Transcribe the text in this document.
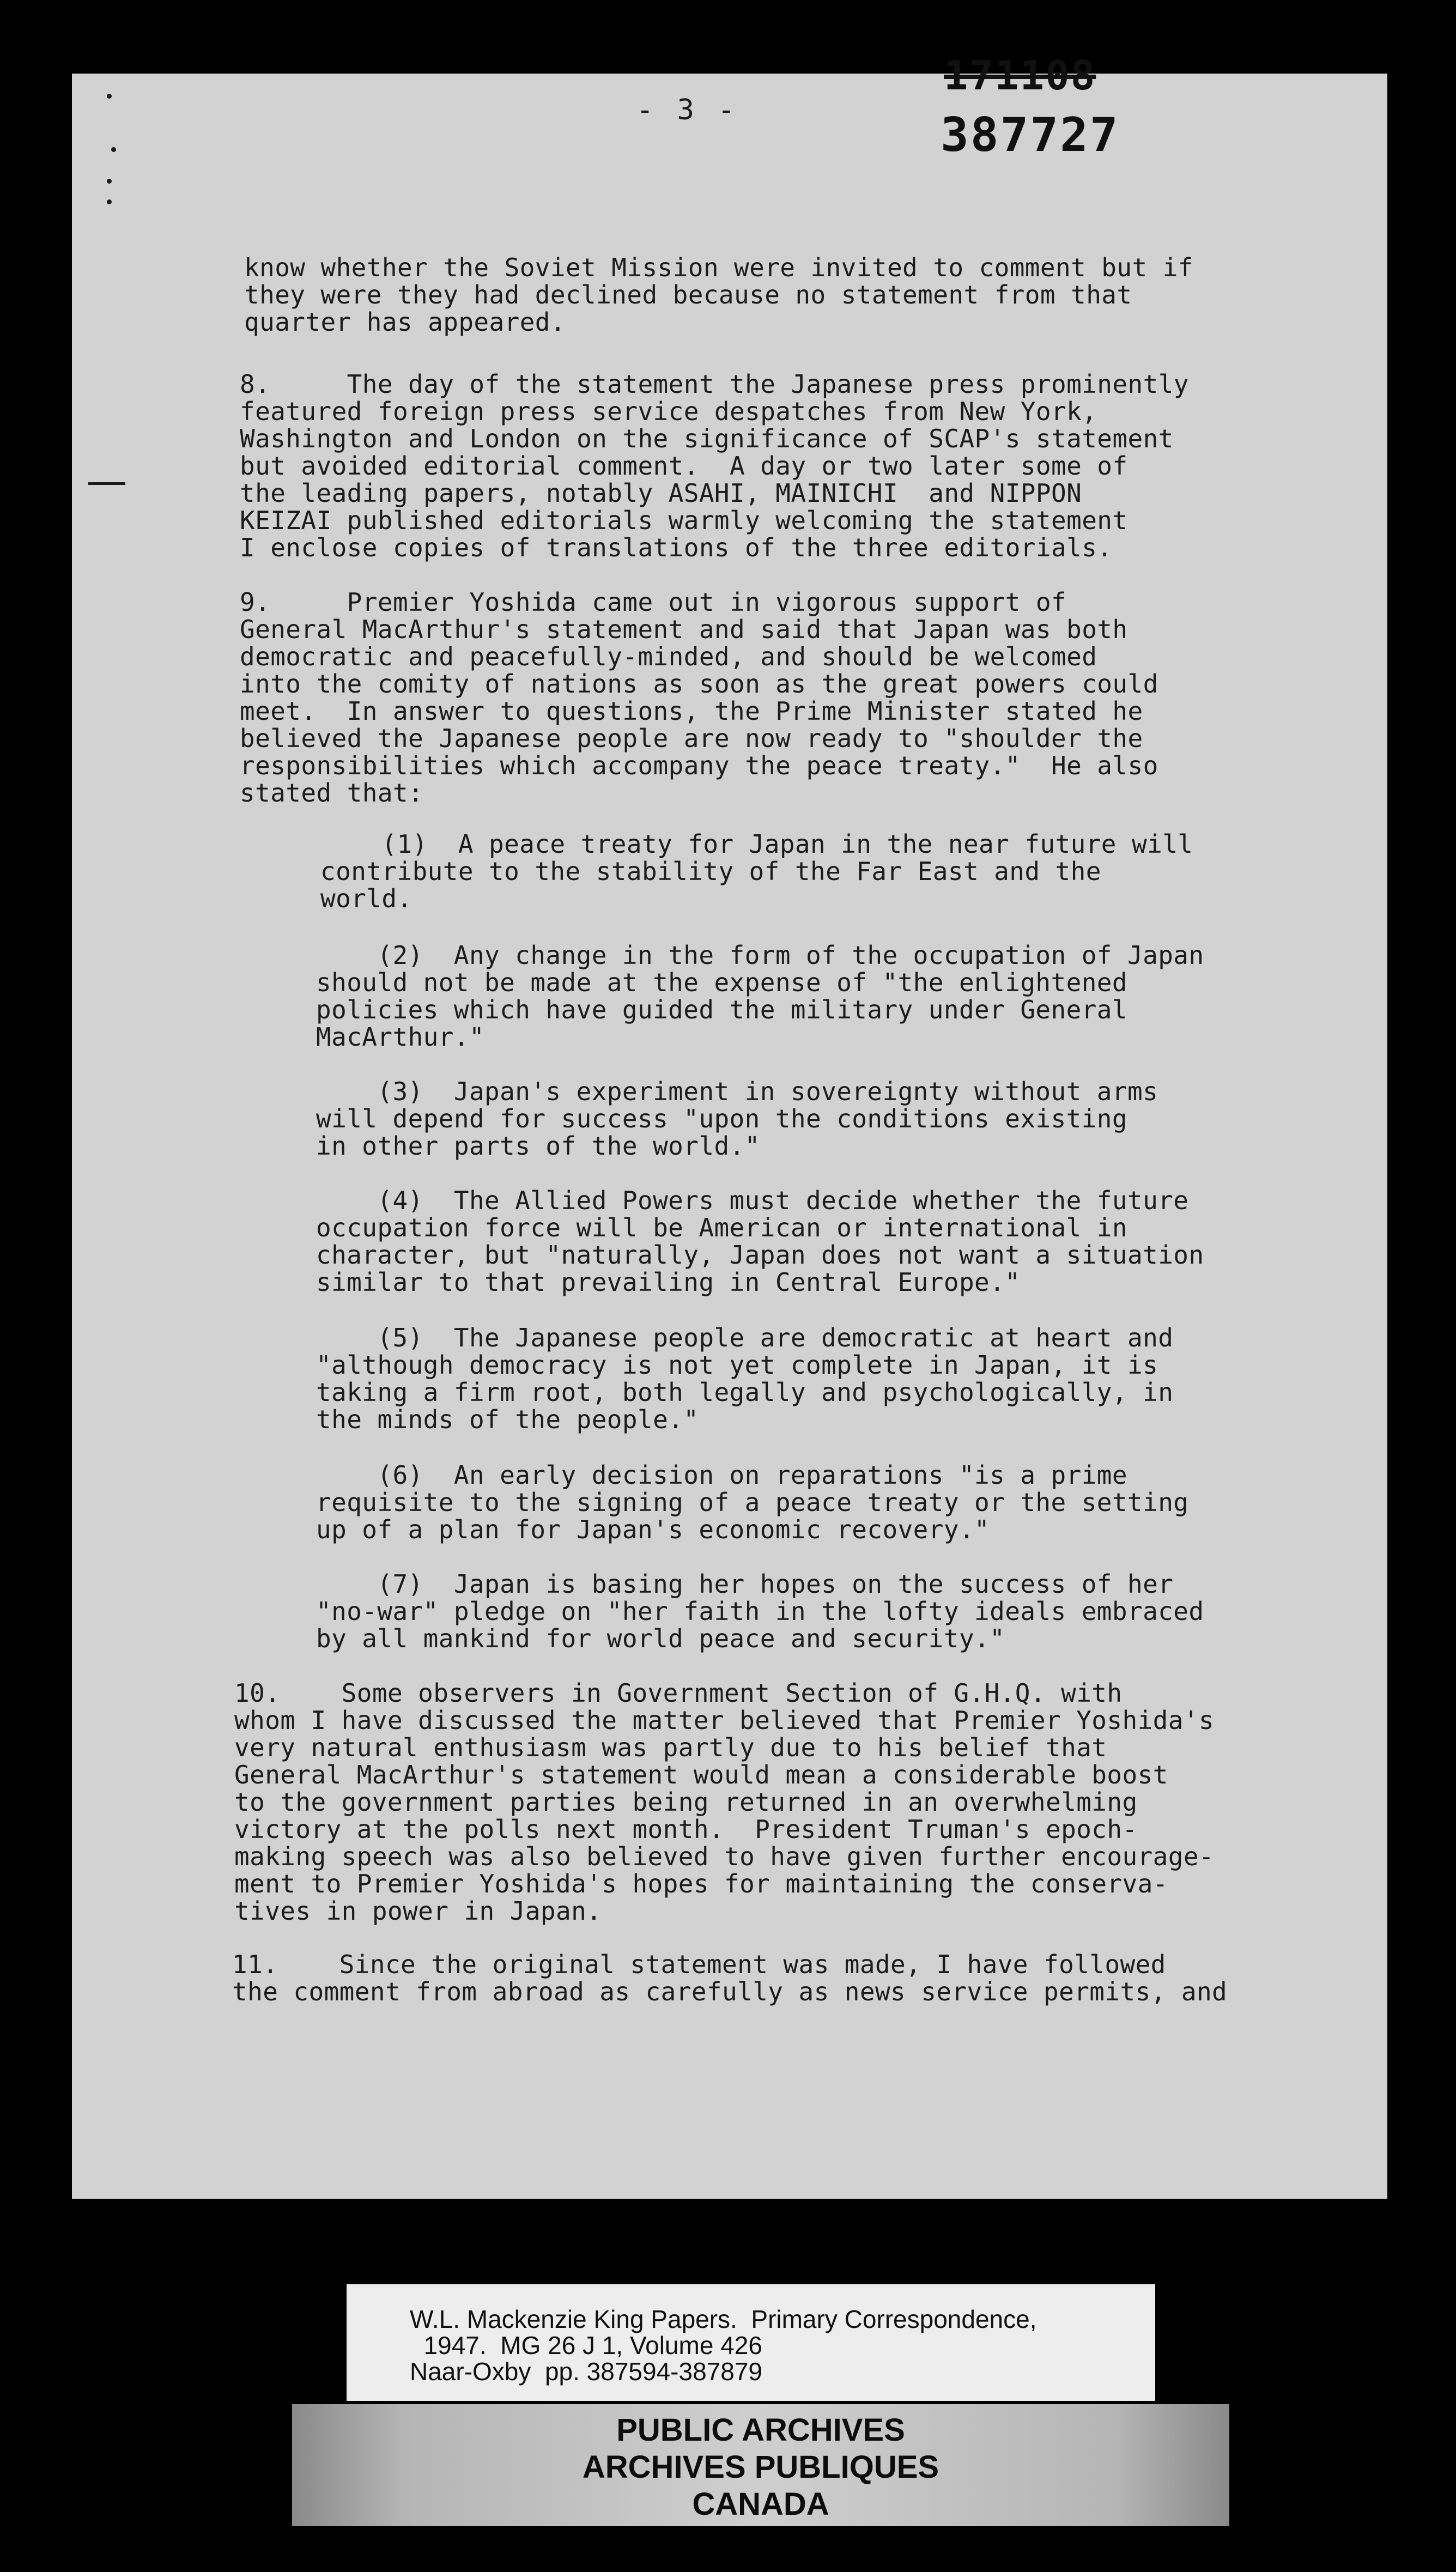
- 3 -
171108
387727
know whether the Soviet Mission were invited to comment but if
they were they had declined because no statement from that
quarter has appeared.
8.     The day of the statement the Japanese press prominently
featured foreign press service despatches from New York,
Washington and London on the significance of SCAP's statement
but avoided editorial comment.  A day or two later some of
the leading papers, notably ASAHI, MAINICHI  and NIPPON
KEIZAI published editorials warmly welcoming the statement
I enclose copies of translations of the three editorials.
9.     Premier Yoshida came out in vigorous support of
General MacArthur's statement and said that Japan was both
democratic and peacefully-minded, and should be welcomed
into the comity of nations as soon as the great powers could
meet.  In answer to questions, the Prime Minister stated he
believed the Japanese people are now ready to "shoulder the
responsibilities which accompany the peace treaty."  He also
stated that:
(1)  A peace treaty for Japan in the near future will
contribute to the stability of the Far East and the
world.
(2)  Any change in the form of the occupation of Japan
should not be made at the expense of "the enlightened
policies which have guided the military under General
MacArthur."
(3)  Japan's experiment in sovereignty without arms
will depend for success "upon the conditions existing
in other parts of the world."
(4)  The Allied Powers must decide whether the future
occupation force will be American or international in
character, but "naturally, Japan does not want a situation
similar to that prevailing in Central Europe."
(5)  The Japanese people are democratic at heart and
"although democracy is not yet complete in Japan, it is
taking a firm root, both legally and psychologically, in
the minds of the people."
(6)  An early decision on reparations "is a prime
requisite to the signing of a peace treaty or the setting
up of a plan for Japan's economic recovery."
(7)  Japan is basing her hopes on the success of her
"no-war" pledge on "her faith in the lofty ideals embraced
by all mankind for world peace and security."
10.    Some observers in Government Section of G.H.Q. with
whom I have discussed the matter believed that Premier Yoshida's
very natural enthusiasm was partly due to his belief that
General MacArthur's statement would mean a considerable boost
to the government parties being returned in an overwhelming
victory at the polls next month.  President Truman's epoch-
making speech was also believed to have given further encourage-
ment to Premier Yoshida's hopes for maintaining the conserva-
tives in power in Japan.
11.    Since the original statement was made, I have followed
the comment from abroad as carefully as news service permits, and
W.L. Mackenzie King Papers.  Primary Correspondence,
1947.  MG 26 J 1, Volume 426
Naar-Oxby  pp. 387594-387879
PUBLIC ARCHIVES
ARCHIVES PUBLIQUES
CANADA
